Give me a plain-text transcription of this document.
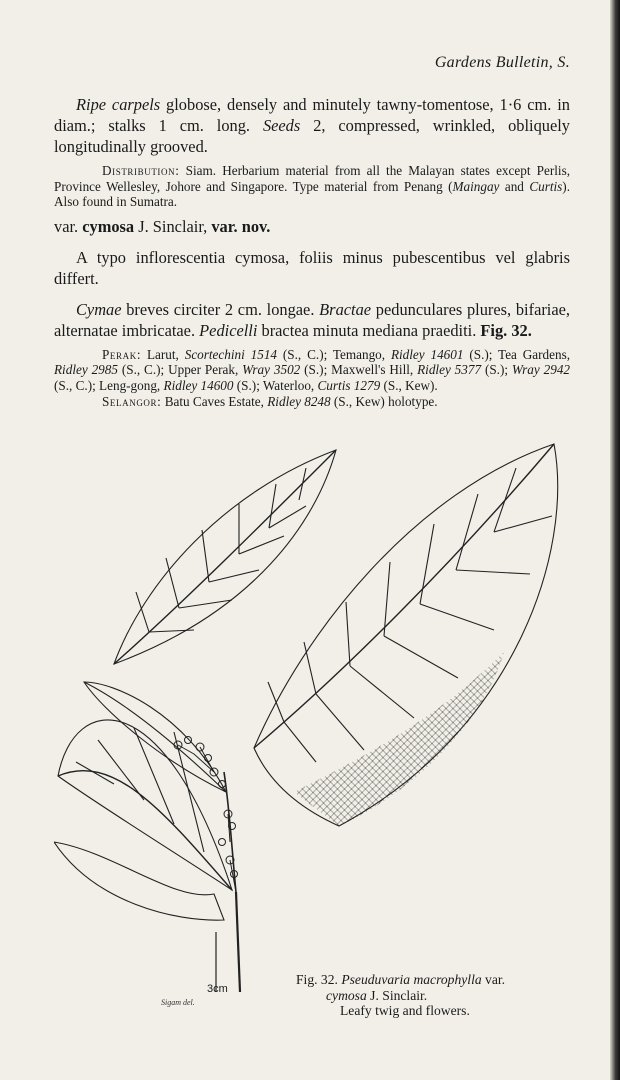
Gardens Bulletin, S.

Ripe carpels globose, densely and minutely tawny-tomentose, 1·6 cm. in diam.; stalks 1 cm. long. Seeds 2, compressed, wrinkled, obliquely longitudinally grooved.

Distribution: Siam. Herbarium material from all the Malayan states except Perlis, Province Wellesley, Johore and Singapore. Type material from Penang (Maingay and Curtis). Also found in Sumatra.

var. cymosa J. Sinclair, var. nov.

A typo inflorescentia cymosa, foliis minus pubescentibus vel glabris differt.

Cymae breves circiter 2 cm. longae. Bractae pedunculares plures, bifariae, alternatae imbricatae. Pedicelli bractea minuta mediana praediti. Fig. 32.

Perak: Larut, Scortechini 1514 (S., C.); Temango, Ridley 14601 (S.); Tea Gardens, Ridley 2985 (S., C.); Upper Perak, Wray 3502 (S.); Maxwell's Hill, Ridley 5377 (S.); Wray 2942 (S., C.); Leng-gong, Ridley 14600 (S.); Waterloo, Curtis 1279 (S., Kew).

Selangor: Batu Caves Estate, Ridley 8248 (S., Kew) holotype.

3cm
Sigam del.
Fig. 32. Pseuduvaria macrophylla var.
cymosa J. Sinclair.
Leafy twig and flowers.
